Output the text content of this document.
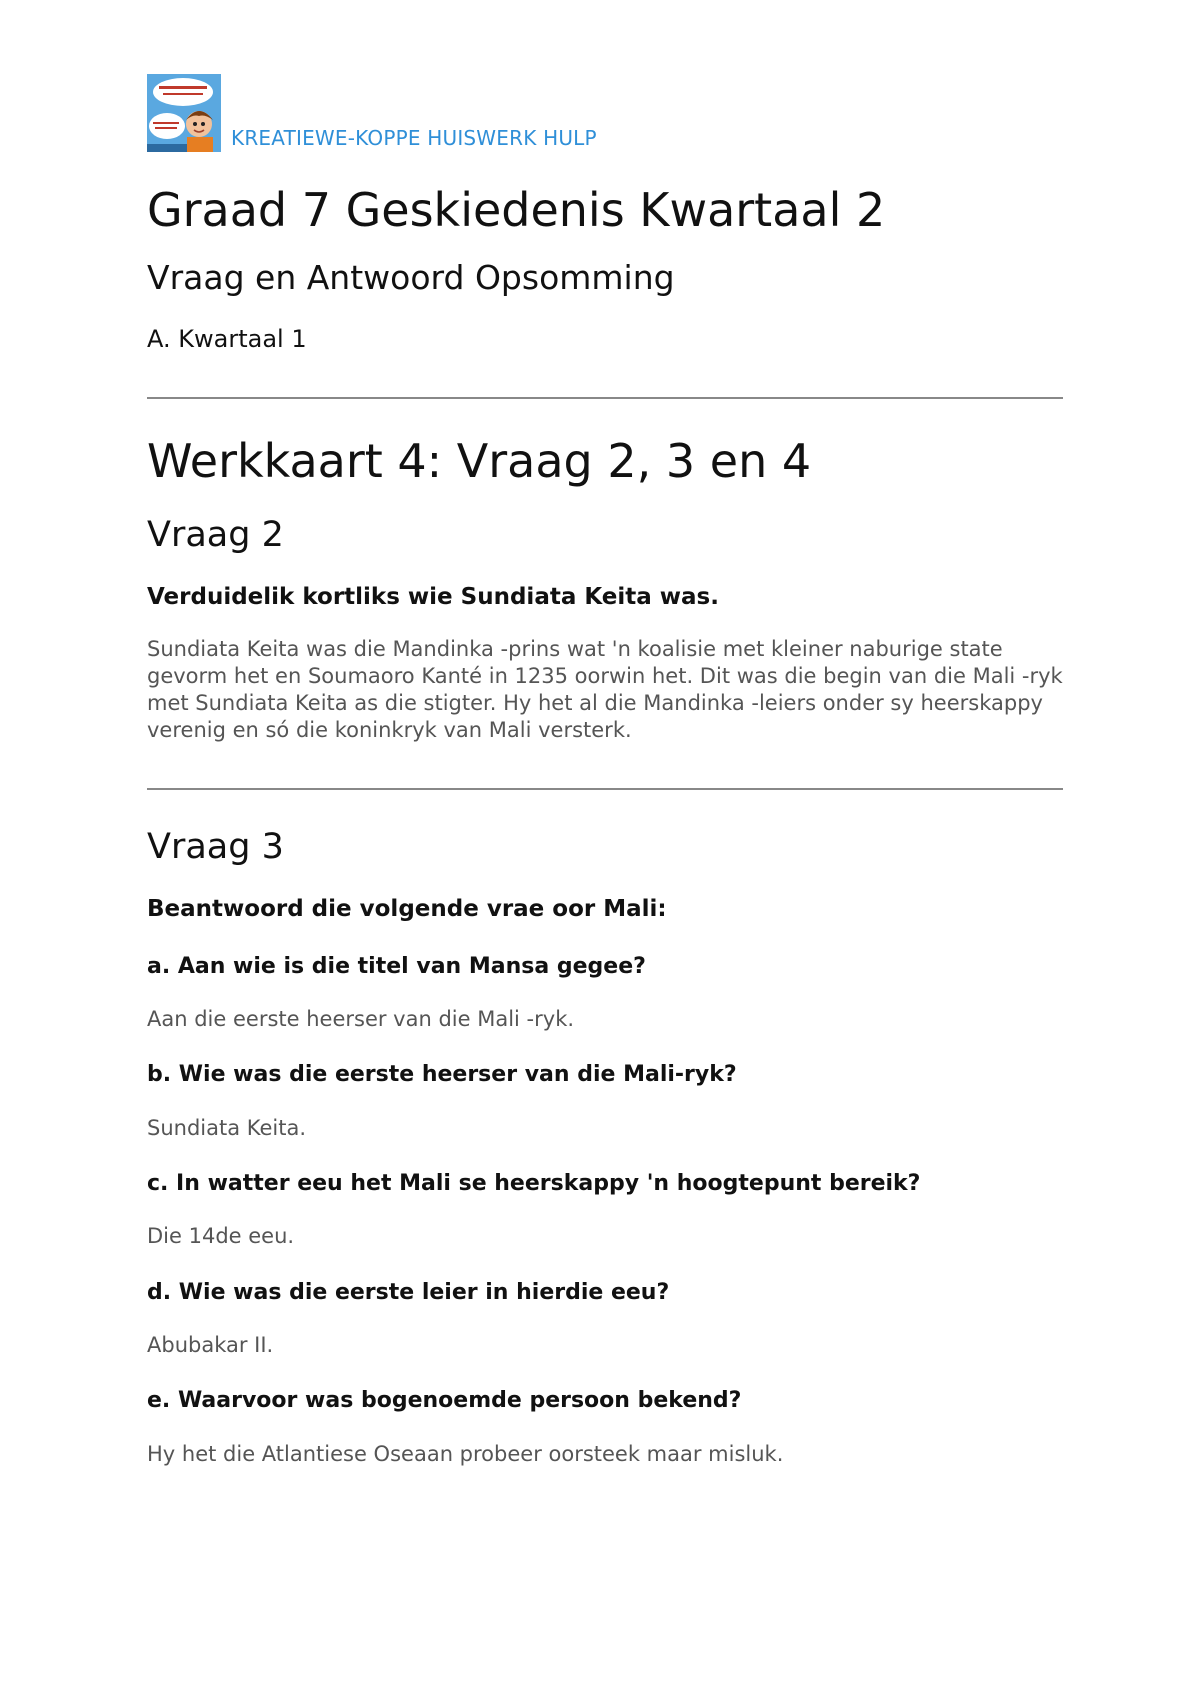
KREATIEWE-KOPPE HUISWERK HULP
Graad 7 Geskiedenis Kwartaal 2
Vraag en Antwoord Opsomming
A. Kwartaal 1
Werkkaart 4: Vraag 2, 3 en 4
Vraag 2
Verduidelik kortliks wie Sundiata Keita was.

Sundiata Keita was die Mandinka -prins wat 'n koalisie met kleiner naburige state gevorm het en Soumaoro Kanté in 1235 oorwin het. Dit was die begin van die Mali -ryk met Sundiata Keita as die stigter. Hy het al die Mandinka -leiers onder sy heerskappy verenig en só die koninkryk van Mali versterk.

Vraag 3
Beantwoord die volgende vrae oor Mali:
a. Aan wie is die titel van Mansa gegee?
Aan die eerste heerser van die Mali -ryk.
b. Wie was die eerste heerser van die Mali-ryk?
Sundiata Keita.
c. In watter eeu het Mali se heerskappy 'n hoogtepunt bereik?
Die 14de eeu.
d. Wie was die eerste leier in hierdie eeu?
Abubakar II.
e. Waarvoor was bogenoemde persoon bekend?
Hy het die Atlantiese Oseaan probeer oorsteek maar misluk.
